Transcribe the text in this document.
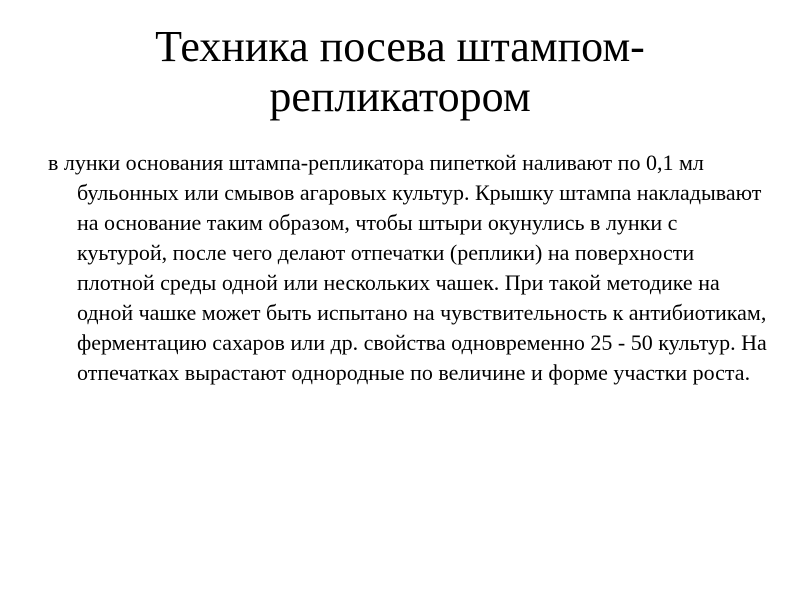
Техника посева штампом-репликатором
в лунки основания штампа-репликатора пипеткой наливают по 0,1 мл бульонных или смывов агаровых культур. Крышку штампа накладывают на основание таким образом, чтобы штыри окунулись в лунки с куьтурой, после чего делают отпечатки (реплики) на поверхности плотной среды одной или нескольких чашек. При такой методике на одной чашке может быть испытано на чувствительность к антибиотикам, ферментацию сахаров или др. свойства одновременно 25 - 50 культур. На отпечатках вырастают однородные по величине и форме участки роста.
